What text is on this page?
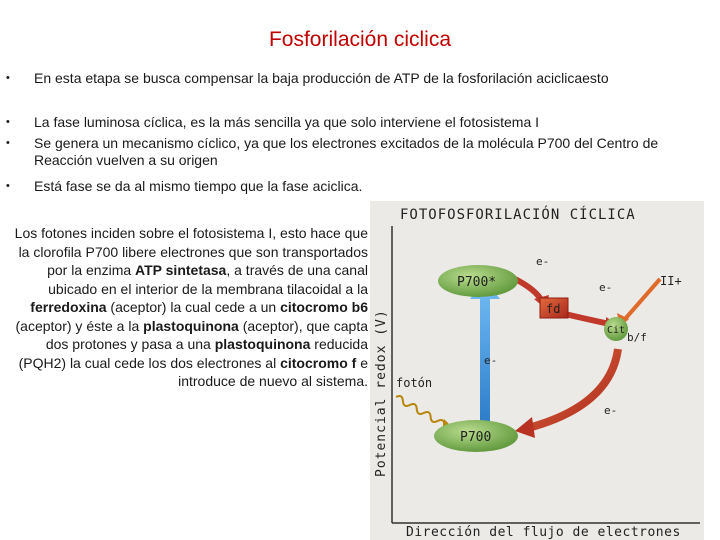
Fosforilación ciclica
• En esta etapa se busca compensar la baja producción de ATP de la fosforilación aciclicaesto
• La fase luminosa cíclica, es la más sencilla ya que solo interviene el fotosistema I
• Se genera un mecanismo cíclico, ya que los electrones excitados de la molécula P700 del Centro de Reacción vuelven a su origen
• Está fase se da al mismo tiempo que la fase aciclica.
Los fotones inciden sobre el fotosistema I, esto hace que la clorofila P700 libere electrones que son transportados por la enzima ATP sintetasa, a través de una canal ubicado en el interior de la membrana tilacoidal a la ferredoxina (aceptor) la cual cede a un citocromo b6 (aceptor) y éste a la plastoquinona (aceptor), que capta dos protones y pasa a una plastoquinona reducida (PQH2) la cual cede los dos electrones al citocromo f e introduce de nuevo al sistema.
FOTOFOSFORILACIÓN CÍCLICA
Potencial redox (V)
Dirección del flujo de electrones
fotón
P700*
P700
fd
Cit
b/f
e-
e-
e-
e-
II+
